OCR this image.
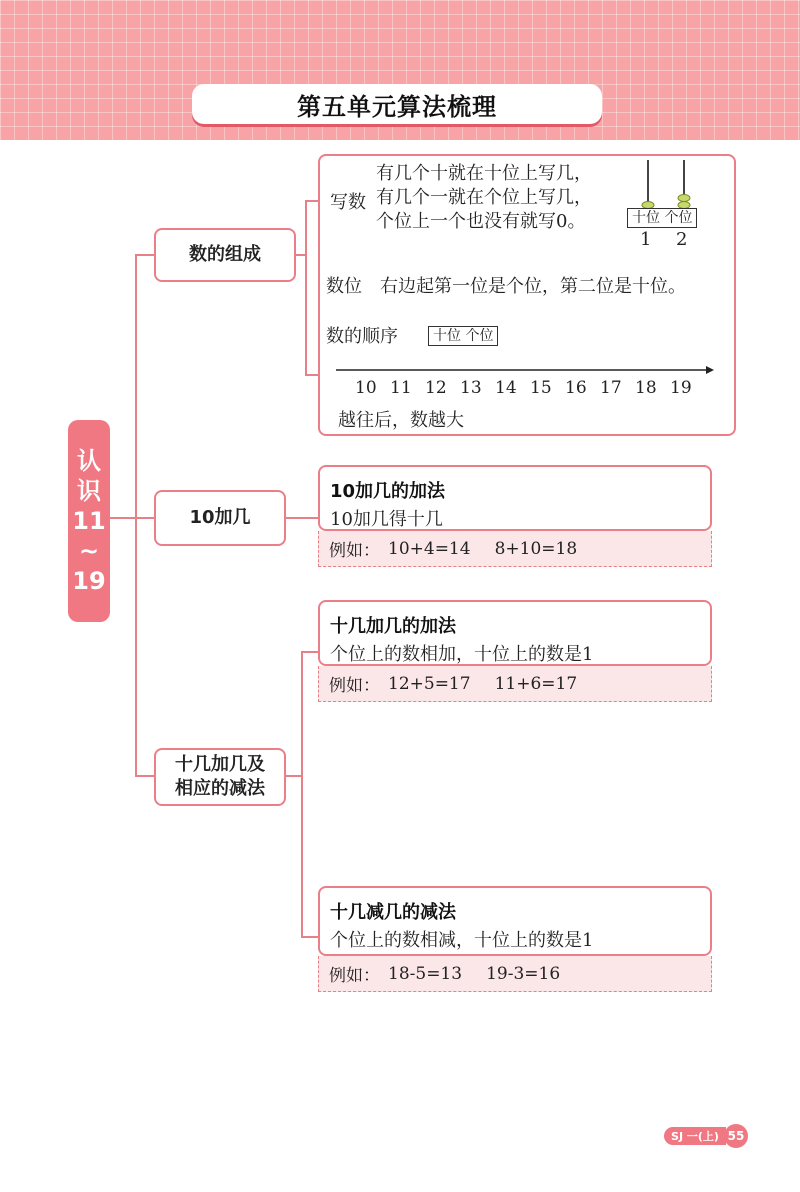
第五单元算法梳理
认
识
11
~
19
数的组成
10加几
十几加几及
相应的减法
写数
有几个十就在十位上写几，
有几个一就在个位上写几，
个位上一个也没有就写0。	十位 个位
1 2
数位 右边起第一位是个位，第二位是十位。
数的顺序	十位 个位
10 11 12 13 14 15 16 17 18 19
越往后，数越大
10加几的加法
10加几得十几
例如： 10+4=14 8+10=18
十几加几的加法
个位上的数相加，十位上的数是1
例如： 12+5=17 11+6=17
十几减几的减法
个位上的数相减，十位上的数是1
例如： 18-5=13 19-3=16
SJ 一(上) 55
